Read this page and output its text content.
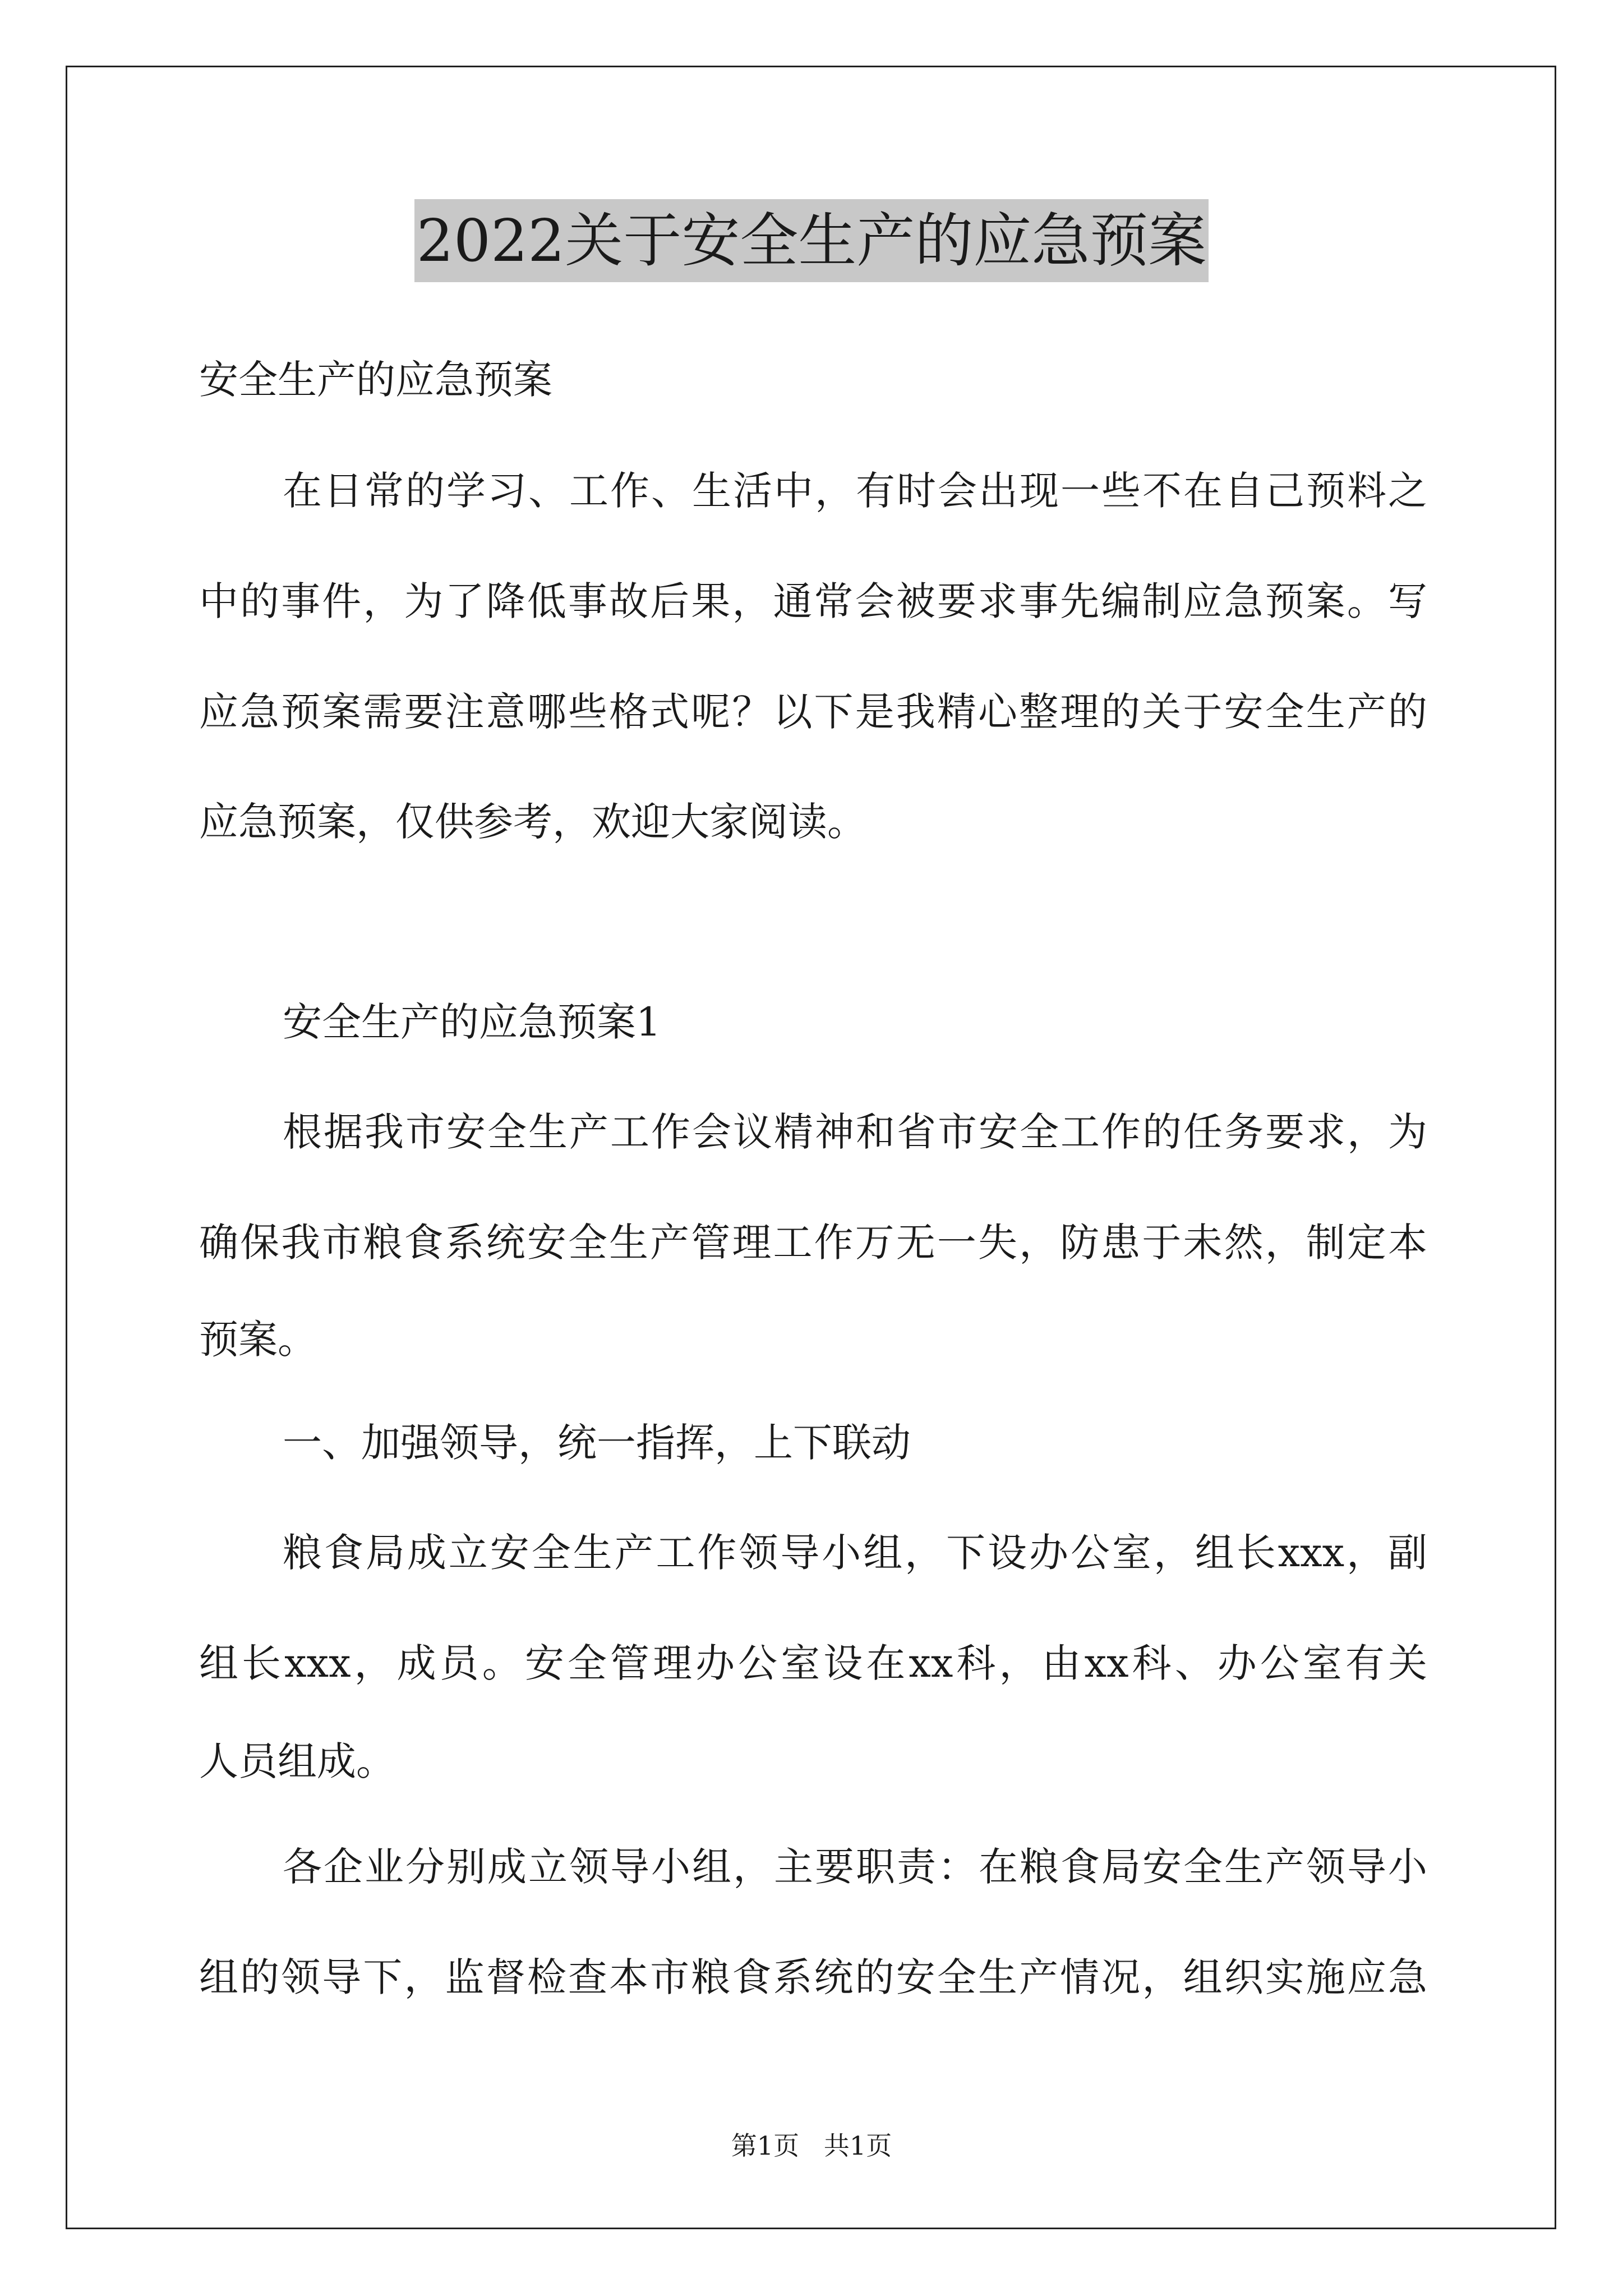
2022关于安全生产的应急预案
安全生产的应急预案
在日常的学习、工作、生活中，有时会出现一些不在自己预料之
中的事件，为了降低事故后果，通常会被要求事先编制应急预案。写
应急预案需要注意哪些格式呢？以下是我精心整理的关于安全生产的
应急预案，仅供参考，欢迎大家阅读。
安全生产的应急预案1
根据我市安全生产工作会议精神和省市安全工作的任务要求，为
确保我市粮食系统安全生产管理工作万无一失，防患于未然，制定本
预案。
一、加强领导，统一指挥，上下联动
粮食局成立安全生产工作领导小组，下设办公室，组长xxx，副
组长xxx，成员。安全管理办公室设在xx科，由xx科、办公室有关
人员组成。
各企业分别成立领导小组，主要职责：在粮食局安全生产领导小
组的领导下，监督检查本市粮食系统的安全生产情况，组织实施应急
第1页   共1页
